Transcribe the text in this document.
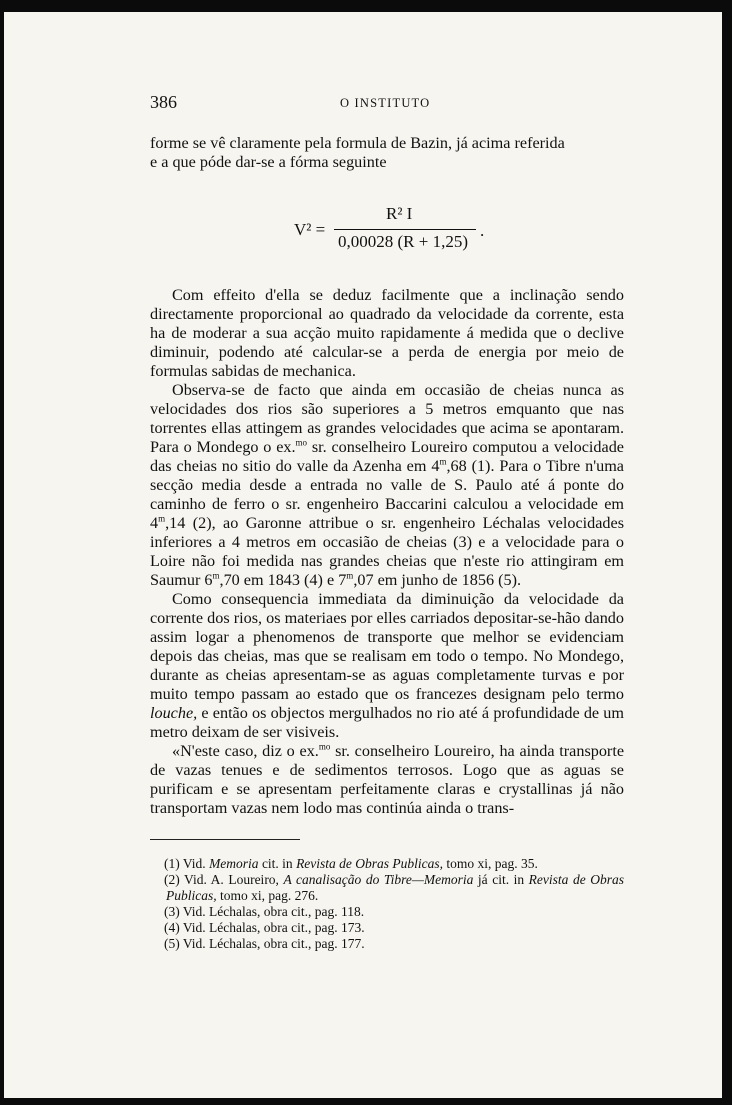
386	O INSTITUTO
forme se vê claramente pela formula de Bazin, já acima referida
e a que póde dar-se a fórma seguinte
V² =
R² I
0,00028 (R + 1,25)
.

Com effeito d'ella se deduz facilmente que a inclinação sendo directamente proporcional ao quadrado da velocidade da corrente, esta ha de moderar a sua acção muito rapidamente á medida que o declive diminuir, podendo até calcular-se a perda de energia por meio de formulas sabidas de mechanica.

Observa-se de facto que ainda em occasião de cheias nunca as velocidades dos rios são superiores a 5 metros emquanto que nas torrentes ellas attingem as grandes velocidades que acima se apontaram. Para o Mondego o ex.$^{mo}$ sr. conselheiro Loureiro computou a velocidade das cheias no sitio do valle da Azenha em 4$^m$,68 (1). Para o Tibre n'uma secção media desde a entrada no valle de S. Paulo até á ponte do caminho de ferro o sr. engenheiro Baccarini calculou a velocidade em 4$^m$,14 (2), ao Garonne attribue o sr. engenheiro Léchalas velocidades inferiores a 4 metros em occasião de cheias (3) e a velocidade para o Loire não foi medida nas grandes cheias que n'este rio attingiram em Saumur 6$^m$,70 em 1843 (4) e 7$^m$,07 em junho de 1856 (5).

Como consequencia immediata da diminuição da velocidade da corrente dos rios, os materiaes por elles carriados depositar-se-hão dando assim logar a phenomenos de transporte que melhor se evidenciam depois das cheias, mas que se realisam em todo o tempo. No Mondego, durante as cheias apresentam-se as aguas completamente turvas e por muito tempo passam ao estado que os francezes designam pelo termo louche, e então os objectos mergulhados no rio até á profundidade de um metro deixam de ser visiveis.

«N'este caso, diz o ex.$^{mo}$ sr. conselheiro Loureiro, ha ainda transporte de vazas tenues e de sedimentos terrosos. Logo que as aguas se purificam e se apresentam perfeitamente claras e crystallinas já não transportam vazas nem lodo mas continúa ainda o trans-

(1) Vid. Memoria cit. in Revista de Obras Publicas, tomo xi, pag. 35.

(2) Vid. A. Loureiro, A canalisação do Tibre—Memoria já cit. in Revista de Obras Publicas, tomo xi, pag. 276.

(3) Vid. Léchalas, obra cit., pag. 118.

(4) Vid. Léchalas, obra cit., pag. 173.

(5) Vid. Léchalas, obra cit., pag. 177.
